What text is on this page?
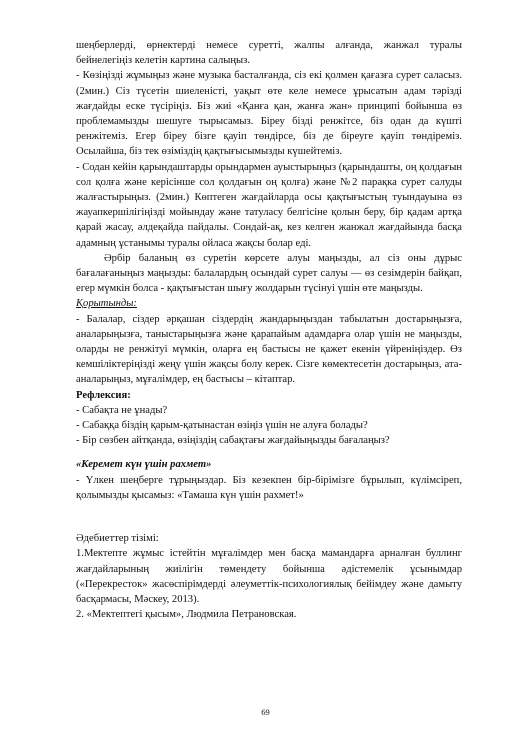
шеңберлерді, өрнектерді немесе суретті, жалпы алғанда, жанжал туралы бейнелегіңіз келетін картина салыңыз.

- Көзіңізді жұмыңыз және музыка басталғанда, сіз екі қолмен қағазға сурет саласыз. (2мин.) Сіз түсетін шиеленісті, уақыт өте келе немесе ұрысатын адам тәрізді жағдайды еске түсіріңіз. Біз жиі «Қанға қан, жанға жан» принципі бойынша өз проблемамызды шешуге тырысамыз. Біреу бізді ренжітсе, біз одан да күшті ренжітеміз. Егер біреу бізге қауіп төндірсе, біз де біреуге қауіп төндіреміз. Осылайша, біз тек өзіміздің қақтығысымызды күшейтеміз.

- Содан кейін қарындаштарды орындармен ауыстырыңыз (қарындашты, оң қолдағын сол қолға және керісінше сол қолдағын оң қолға) және №2 парақка сурет салуды жалғастырыңыз. (2мин.) Көптеген жағдайларда осы қақтығыстың туындауына өз жауапкершілігіңізді мойындау және татуласу белгісіне қолын беру, бір қадам артқа қарай жасау, әлдеқайда пайдалы. Сондай-ақ, кез келген жанжал жағдайында басқа адамның ұстанымы туралы ойласа жақсы болар еді.

Әрбір баланың өз суретін көрсете алуы маңызды, ал сіз оны дұрыс бағалағаныңыз маңызды: балалардың осындай сурет салуы — өз сезімдерін байқап, егер мүмкін болса - қақтығыстан шығу жолдарын түсінуі үшін өте маңызды.

Қорытынды:

- Балалар, сіздер әрқашан сіздердің жандарыңыздан табылатын достарыңызға, аналарыңызға, таныстарыңызға және қарапайым адамдарға олар үшін не маңызды, оларды не ренжітуі мүмкін, оларға ең бастысы не қажет екенін үйреніңіздер. Өз кемшіліктеріңізді жеңу үшін жақсы болу керек. Сізге көмектесетін достарыңыз, ата-аналарыңыз, мұғалімдер, ең бастысы – кітаптар.

Рефлексия:

- Сабақта не ұнады?

- Сабаққа біздің қарым-қатынастан өзіңіз үшін не алуға болады?

- Бір сөзбен айтқанда, өзіңіздің сабақтағы жағдайыңызды бағалаңыз?

«Керемет күн үшін рахмет»

- Үлкен шеңберге тұрыңыздар. Біз кезекпен бір-бірімізге бұрылып, күлімсіреп, қолымызды қысамыз: «Тамаша күн үшін рахмет!»

Әдебиеттер тізімі:

1.Мектепте жұмыс істейтін мұғалімдер мен басқа мамандарға арналған буллинг жағдайларының жиілігін төмендету бойынша әдістемелік ұсынымдар («Перекресток» жасөспірімдерді әлеуметтік-психологиялық бейімдеу және дамыту басқармасы, Мәскеу, 2013).

2. «Мектептегі қысым», Людмила Петрановская.

69
